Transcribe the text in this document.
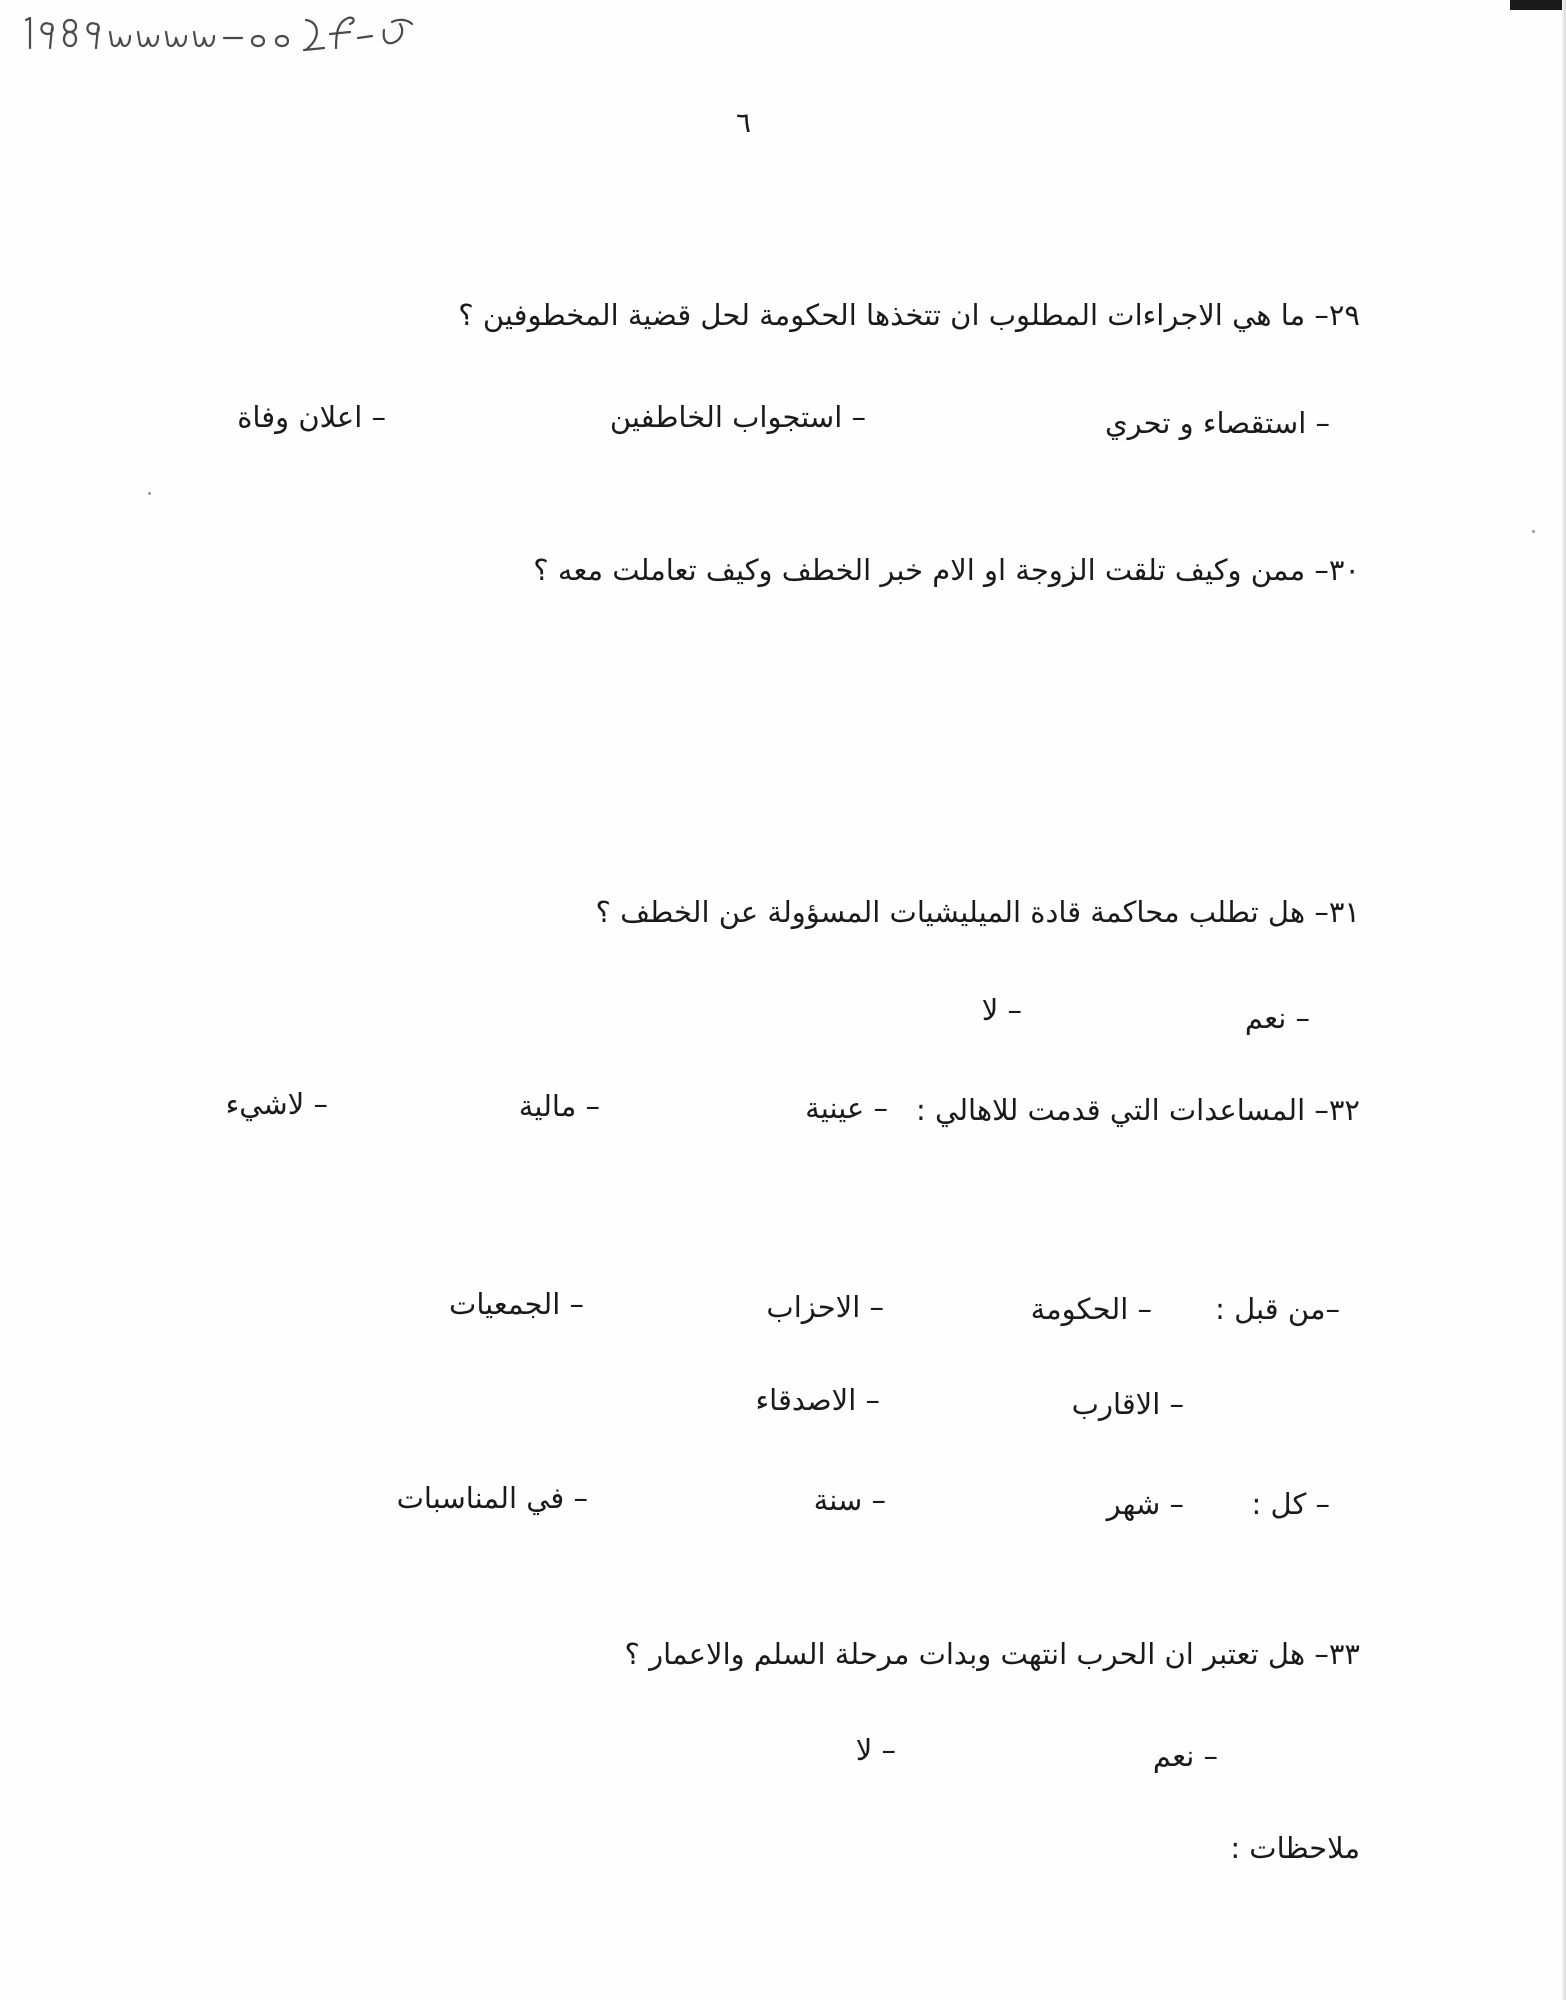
٦
٢٩– ما هي الاجراءات المطلوب ان تتخذها الحكومة لحل قضية المخطوفين ؟
– استقصاء و تحري
– استجواب الخاطفين
– اعلان وفاة
٣٠– ممن وكيف تلقت الزوجة او الام خبر الخطف وكيف تعاملت معه ؟
٣١– هل تطلب محاكمة قادة الميليشيات المسؤولة عن الخطف ؟
– نعم
– لا
٣٢– المساعدات التي قدمت للاهالي :
– عينية
– مالية
– لاشيء
–من قبل :
– الحكومة
– الاحزاب
– الجمعيات
– الاقارب
– الاصدقاء
– كل :
– شهر
– سنة
– في المناسبات
٣٣– هل تعتبر ان الحرب انتهت وبدات مرحلة السلم والاعمار ؟
– نعم
– لا
ملاحظات :
